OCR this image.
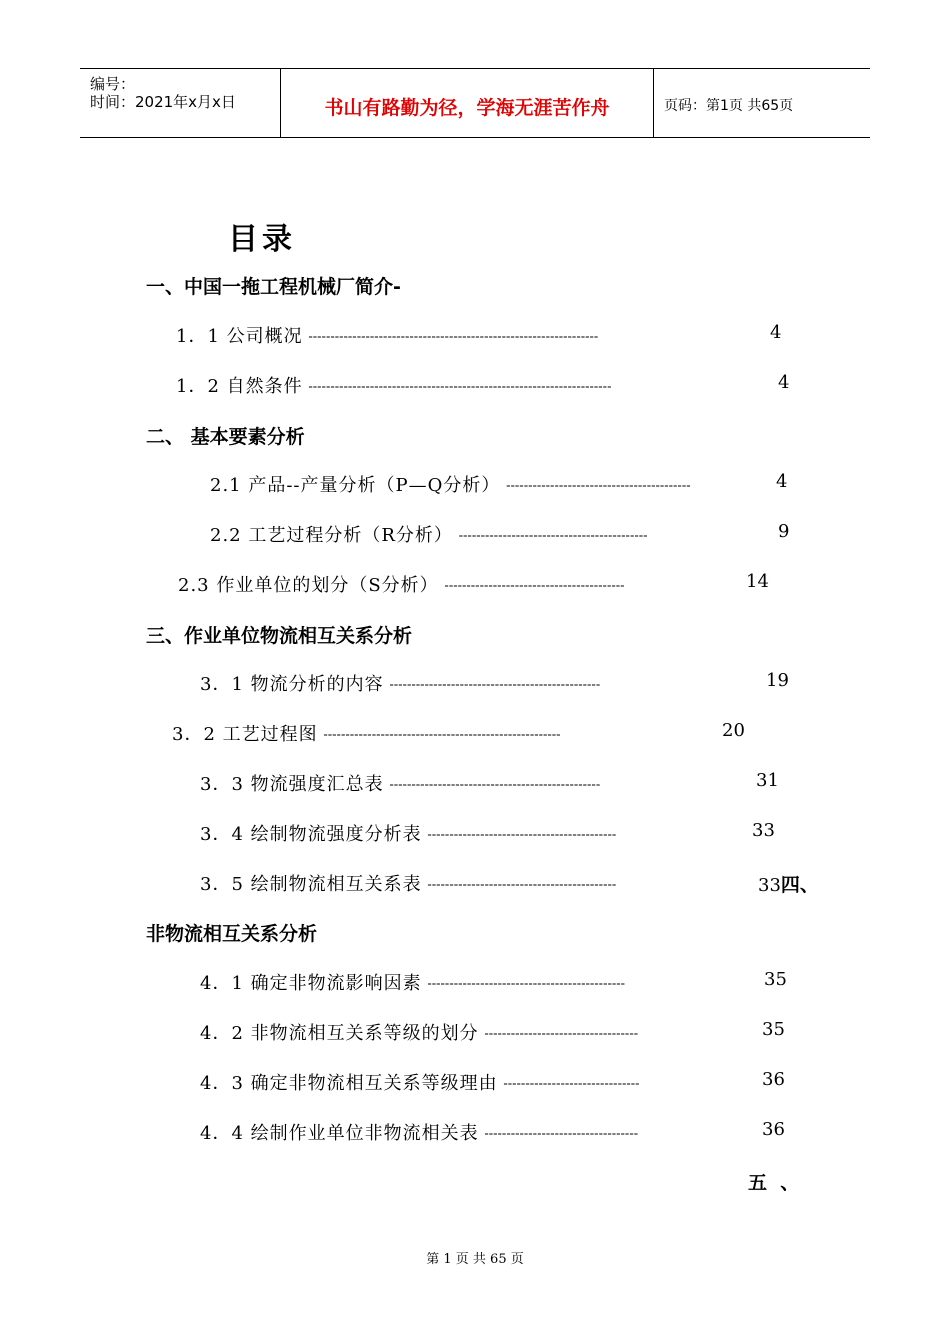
编号：
时间：2021年x月x日	书山有路勤为径，学海无涯苦作舟	页码：第1页 共65页
目录
一、中国一拖工程机械厂简介-
1．1 公司概况 ------------------------------------------------------------------	4
1．2 自然条件 ---------------------------------------------------------------------	4
二、 基本要素分析
2.1 产品--产量分析（P—Q分析） ------------------------------------------	4
2.2 工艺过程分析（R分析） -------------------------------------------	9
2.3 作业单位的划分（S分析） -----------------------------------------	14
三、作业单位物流相互关系分析
3．1 物流分析的内容 ------------------------------------------------	19
3．2 工艺过程图 ------------------------------------------------------	20
3．3 物流强度汇总表 ------------------------------------------------	31
3．4 绘制物流强度分析表 -------------------------------------------	33
3．5 绘制物流相互关系表 -------------------------------------------	33四、
非物流相互关系分析
4．1 确定非物流影响因素 ---------------------------------------------	35
4．2 非物流相互关系等级的划分 -----------------------------------	35
4．3 确定非物流相互关系等级理由 -------------------------------	36
4．4 绘制作业单位非物流相关表 -----------------------------------	36
五  、
第 1 页 共 65 页
